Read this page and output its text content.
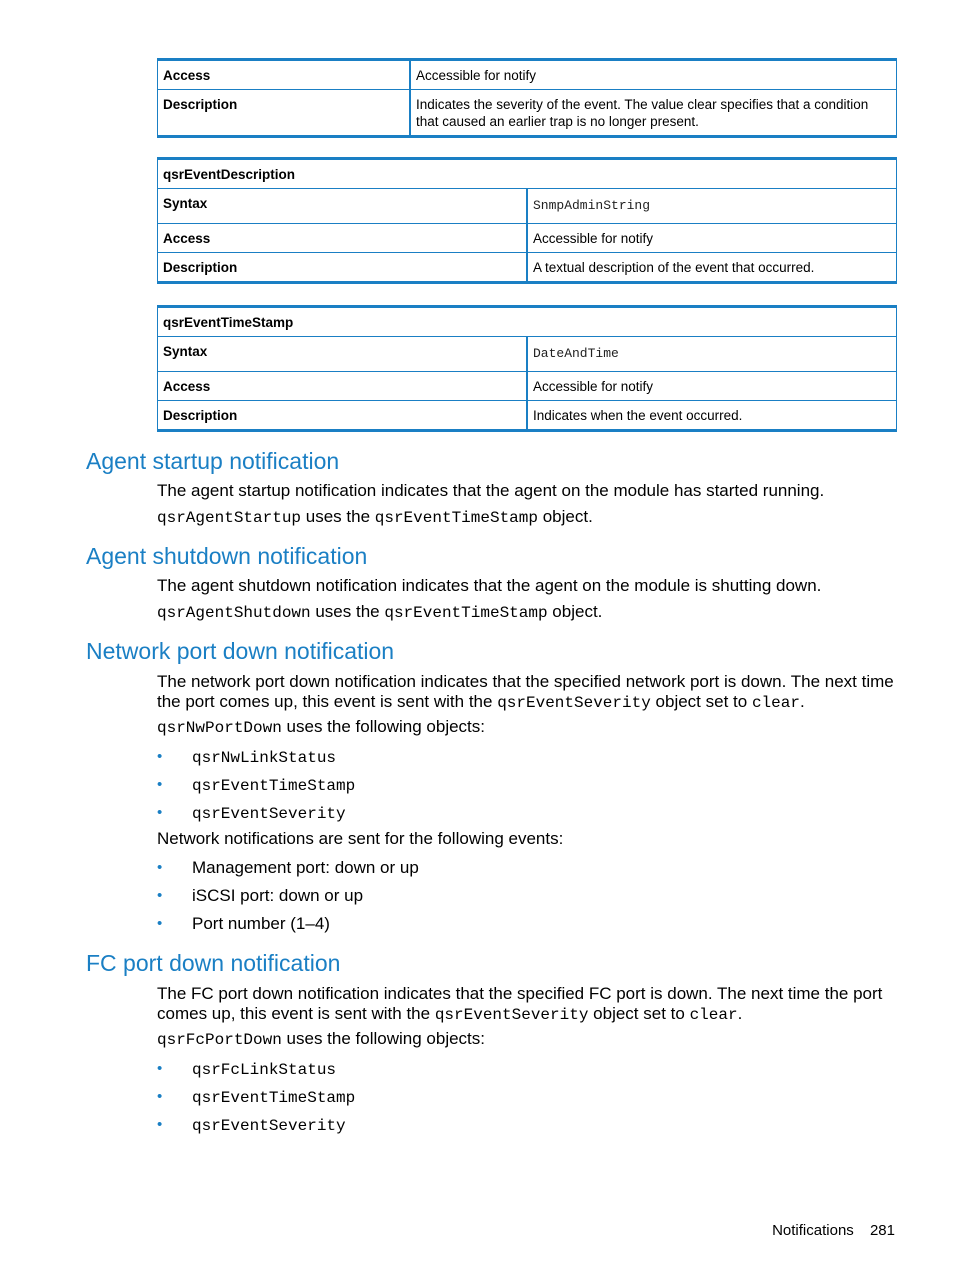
Access	Accessible for notify
Description	Indicates the severity of the event. The value clear specifies that a condition that caused an earlier trap is no longer present.
qsrEventDescription	
Syntax	SnmpAdminString
Access	Accessible for notify
Description	A textual description of the event that occurred.
qsrEventTimeStamp	
Syntax	DateAndTime
Access	Accessible for notify
Description	Indicates when the event occurred.
Agent startup notification

The agent startup notification indicates that the agent on the module has started running.

qsrAgentStartup uses the qsrEventTimeStamp object.

Agent shutdown notification

The agent shutdown notification indicates that the agent on the module is shutting down.

qsrAgentShutdown uses the qsrEventTimeStamp object.

Network port down notification

The network port down notification indicates that the specified network port is down. The next time the port comes up, this event is sent with the qsrEventSeverity object set to clear.

qsrNwPortDown uses the following objects:

• qsrNwLinkStatus
• qsrEventTimeStamp
• qsrEventSeverity

Network notifications are sent for the following events:

• Management port: down or up
• iSCSI port: down or up
• Port number (1–4)
FC port down notification

The FC port down notification indicates that the specified FC port is down. The next time the port comes up, this event is sent with the qsrEventSeverity object set to clear.

qsrFcPortDown uses the following objects:

• qsrFcLinkStatus
• qsrEventTimeStamp
• qsrEventSeverity
Notifications 281
